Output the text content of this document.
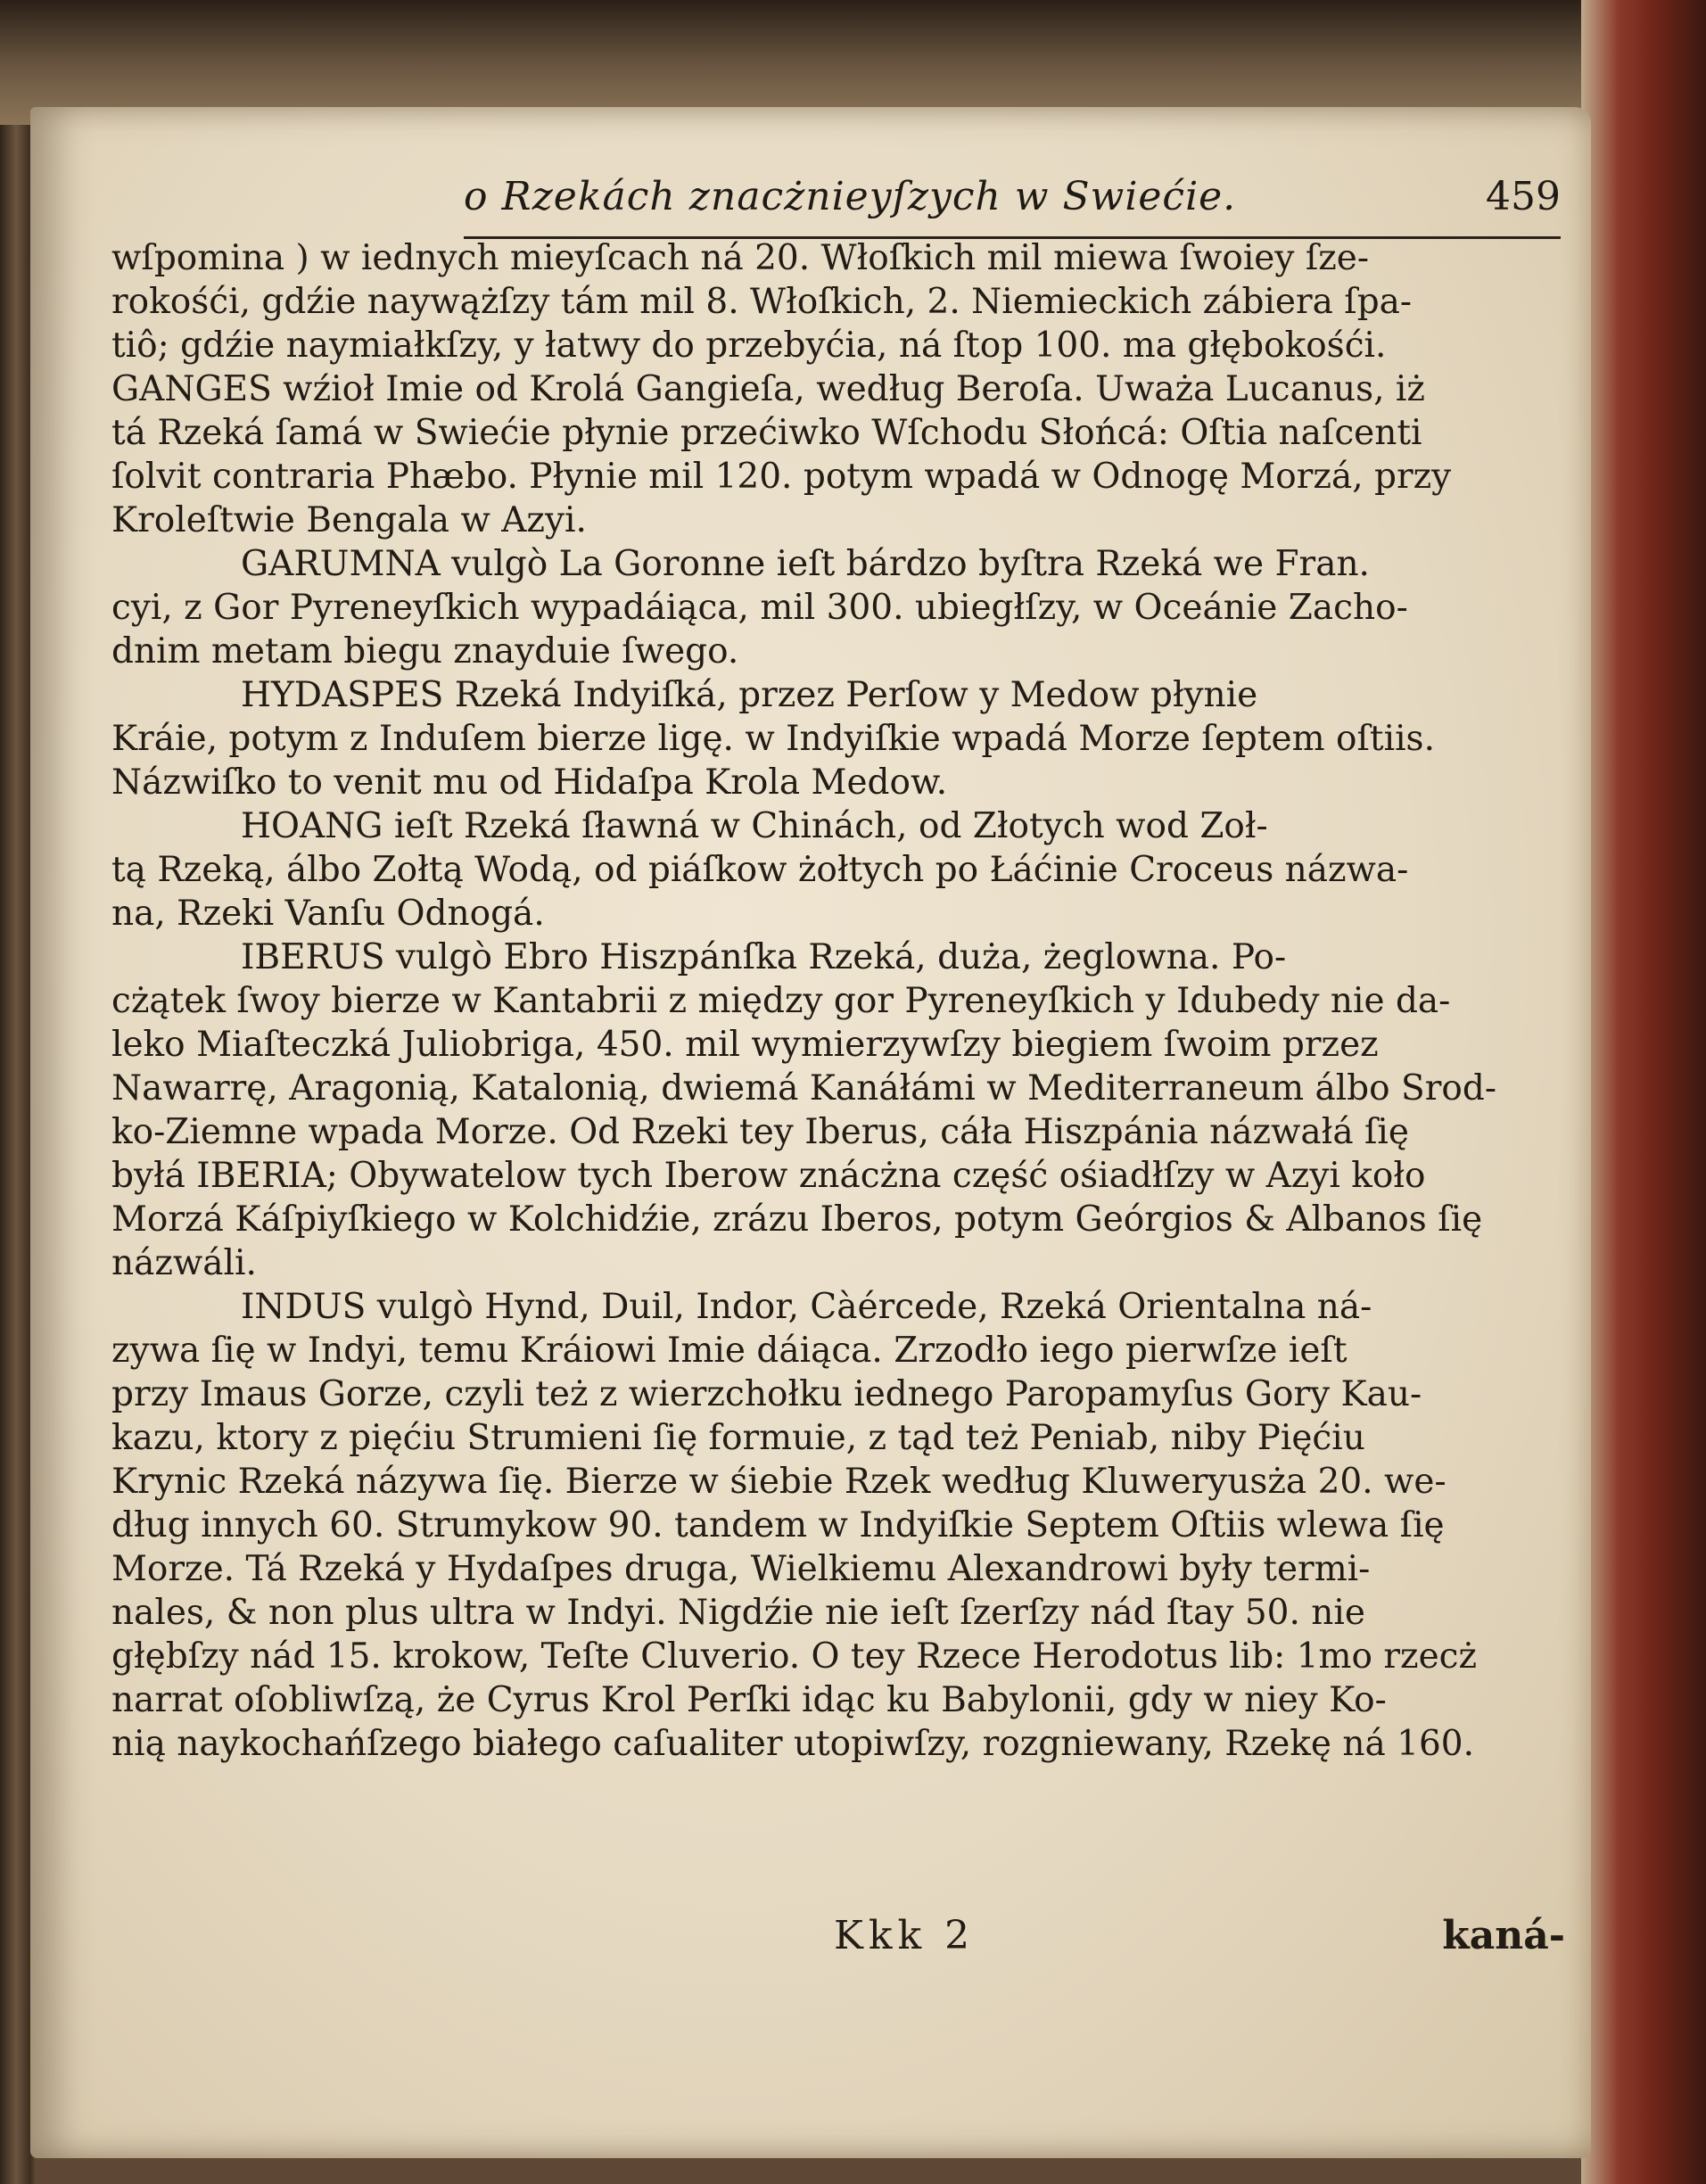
o Rzekách znacżnieyſzych w Swiećie.	459
wſpomina ) w iednych mieyſcach ná 20. Włoſkich mil miewa ſwoiey ſze-
rokośći, gdźie naywążſzy tám mil 8. Włoſkich, 2. Niemieckich zábiera ſpa-
tiô; gdźie naymiałkſzy, y łatwy do przebyćia, ná ſtop 100. ma głębokośći.
GANGES wźioł Imie od Krolá Gangieſa, według Beroſa. Uważa Lucanus, iż
tá Rzeká ſamá w Swiećie płynie przećiwko Wſchodu Słońcá: Oſtia naſcenti
ſolvit contraria Phæbo. Płynie mil 120. potym wpadá w Odnogę Morzá, przy
Kroleſtwie Bengala w Azyi.
GARUMNA vulgò La Goronne ieſt bárdzo byſtra Rzeká we Fran.
cyi, z Gor Pyreneyſkich wypadáiąca, mil 300. ubiegłſzy, w Oceánie Zacho-
dnim metam biegu znayduie ſwego.
HYDASPES Rzeká Indyiſká, przez Perſow y Medow płynie
Kráie, potym z Induſem bierze ligę. w Indyiſkie wpadá Morze ſeptem oſtiis.
Názwiſko to venit mu od Hidaſpa Krola Medow.
HOANG ieſt Rzeká ſławná w Chinách, od Złotych wod Zoł-
tą Rzeką, álbo Zołtą Wodą, od piáſkow żołtych po Łáćinie Croceus názwa-
na, Rzeki Vanſu Odnogá.
IBERUS vulgò Ebro Hiszpánſka Rzeká, duża, żeglowna. Po-
cżątek ſwoy bierze w Kantabrii z między gor Pyreneyſkich y Idubedy nie da-
leko Miaſteczká Juliobriga, 450. mil wymierzywſzy biegiem ſwoim przez
Nawarrę, Aragonią, Katalonią, dwiemá Kanáłámi w Mediterraneum álbo Srod-
ko-Ziemne wpada Morze. Od Rzeki tey Iberus, cáła Hiszpánia názwałá ſię
byłá IBERIA; Obywatelow tych Iberow znácżna część ośiadłſzy w Azyi koło
Morzá Káſpiyſkiego w Kolchidźie, zrázu Iberos, potym Geórgios & Albanos ſię
názwáli.
INDUS vulgò Hynd, Duil, Indor, Càércede, Rzeká Orientalna ná-
zywa ſię w Indyi, temu Kráiowi Imie dáiąca. Zrzodło iego pierwſze ieſt
przy Imaus Gorze, czyli też z wierzchołku iednego Paropamyſus Gory Kau-
kazu, ktory z pięćiu Strumieni ſię formuie, z tąd też Peniab, niby Pięćiu
Krynic Rzeká názywa ſię. Bierze w śiebie Rzek według Kluweryusża 20. we-
dług innych 60. Strumykow 90. tandem w Indyiſkie Septem Oſtiis wlewa ſię
Morze. Tá Rzeká y Hydaſpes druga, Wielkiemu Alexandrowi były termi-
nales, & non plus ultra w Indyi. Nigdźie nie ieſt ſzerſzy nád ſtay 50. nie
głębſzy nád 15. krokow, Teſte Cluverio. O tey Rzece Herodotus lib: 1mo rzecż
narrat oſobliwſzą, że Cyrus Krol Perſki idąc ku Babylonii, gdy w niey Ko-
nią naykochańſzego białego caſualiter utopiwſzy, rozgniewany, Rzekę ná 160.
Kkk 2	kaná-
